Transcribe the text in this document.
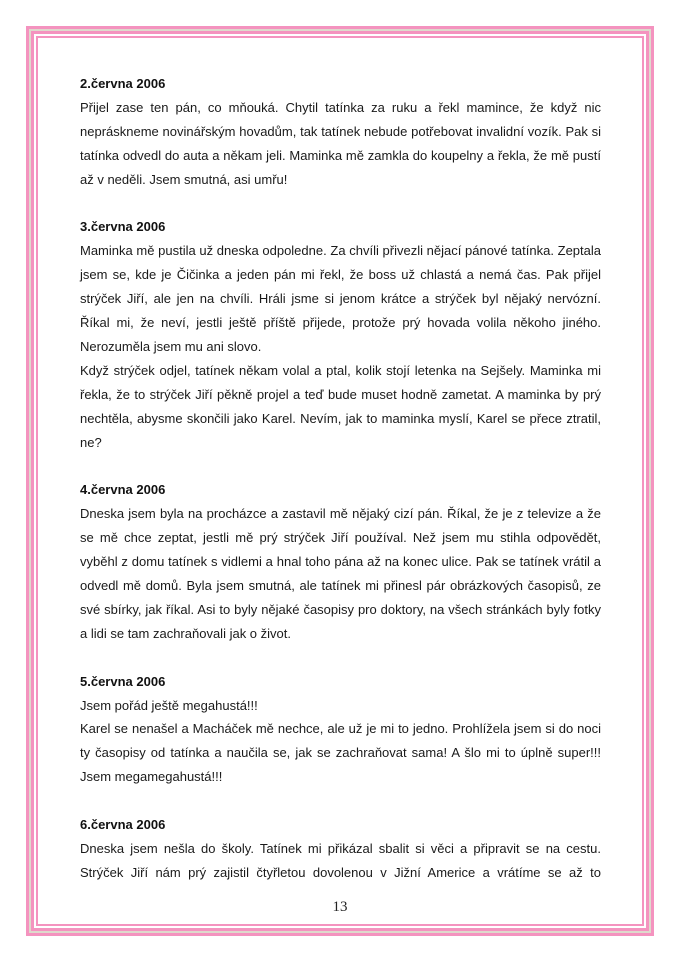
2.června 2006

Přijel zase ten pán, co mňouká. Chytil tatínka za ruku a řekl mamince, že když nic nepráskneme novinářským hovadům, tak tatínek nebude potřebovat invalidní vozík. Pak si tatínka odvedl do auta a někam jeli. Maminka mě zamkla do koupelny a řekla, že mě pustí až v neděli. Jsem smutná, asi umřu!

3.června 2006

Maminka mě pustila už dneska odpoledne. Za chvíli přivezli nějací pánové tatínka. Zeptala jsem se, kde je Čičinka a jeden pán mi řekl, že boss už chlastá a nemá čas. Pak přijel strýček Jiří, ale jen na chvíli. Hráli jsme si jenom krátce a strýček byl nějaký nervózní. Říkal mi, že neví, jestli ještě příště přijede, protože prý hovada volila někoho jiného. Nerozuměla jsem mu ani slovo.

Když strýček odjel, tatínek někam volal a ptal, kolik stojí letenka na Sejšely. Maminka mi řekla, že to strýček Jiří pěkně projel a teď bude muset hodně zametat. A maminka by prý nechtěla, abysme skončili jako Karel. Nevím, jak to maminka myslí, Karel se přece ztratil, ne?

4.června 2006

Dneska jsem byla na procházce a zastavil mě nějaký cizí pán. Říkal, že je z televize a že se mě chce zeptat, jestli mě prý strýček Jiří používal. Než jsem mu stihla odpovědět, vyběhl z domu tatínek s vidlemi a hnal toho pána až na konec ulice. Pak se tatínek vrátil a odvedl mě domů. Byla jsem smutná, ale tatínek mi přinesl pár obrázkových časopisů, ze své sbírky, jak říkal. Asi to byly nějaké časopisy pro doktory, na všech stránkách byly fotky a lidi se tam zachraňovali jak o život.

5.června 2006

Jsem pořád ještě megahustá!!!

Karel se nenašel a Macháček mě nechce, ale už je mi to jedno. Prohlížela jsem si do noci ty časopisy od tatínka a naučila se, jak se zachraňovat sama! A šlo mi to úplně super!!! Jsem megamegahustá!!!

6.června 2006

Dneska jsem nešla do školy. Tatínek mi přikázal sbalit si věci a připravit se na cestu. Strýček Jiří nám prý zajistil čtyřletou dovolenou v Jižní Americe a vrátíme se až to

13
